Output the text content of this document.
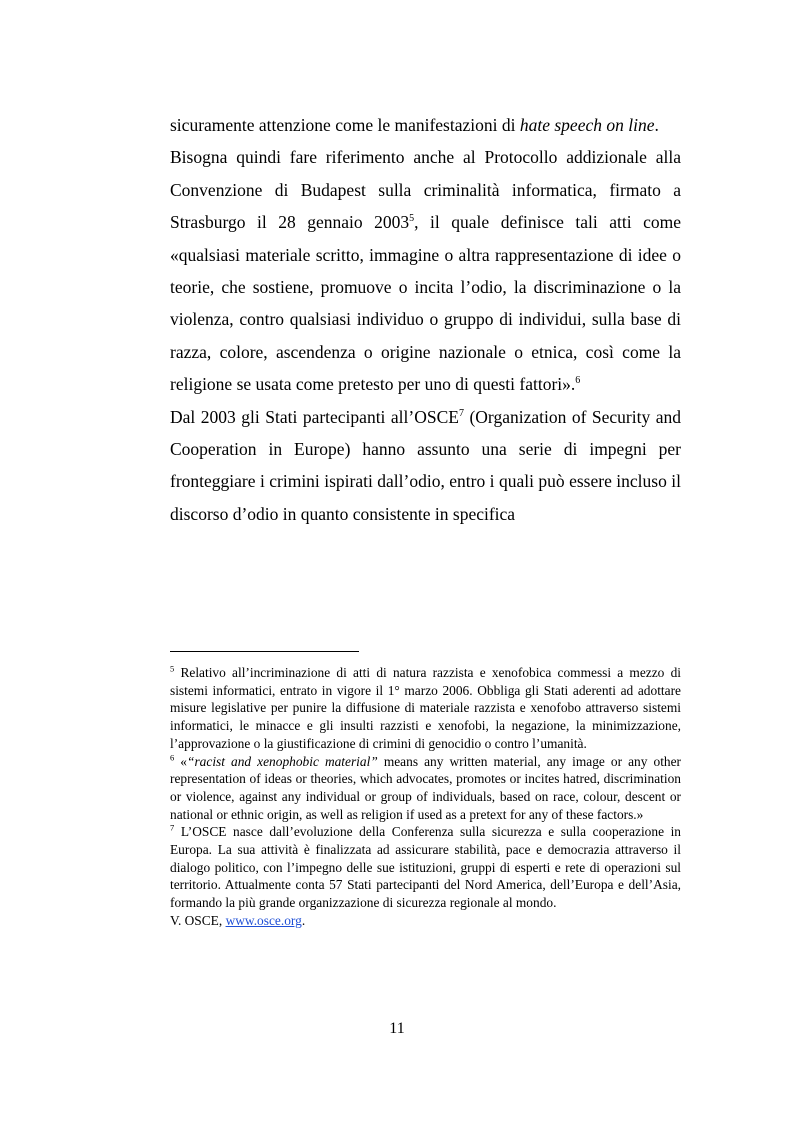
sicuramente attenzione come le manifestazioni di hate speech on line.

Bisogna quindi fare riferimento anche al Protocollo addizionale alla Convenzione di Budapest sulla criminalità informatica, firmato a Strasburgo il 28 gennaio 2003$^5$, il quale definisce tali atti come «qualsiasi materiale scritto, immagine o altra rappresentazione di idee o teorie, che sostiene, promuove o incita l’odio, la discriminazione o la violenza, contro qualsiasi individuo o gruppo di individui, sulla base di razza, colore, ascendenza o origine nazionale o etnica, così come la religione se usata come pretesto per uno di questi fattori».$^6$

Dal 2003 gli Stati partecipanti all’OSCE$^7$ (Organization of Security and Cooperation in Europe) hanno assunto una serie di impegni per fronteggiare i crimini ispirati dall’odio, entro i quali può essere incluso il discorso d’odio in quanto consistente in specifica

$^5$ Relativo all’incriminazione di atti di natura razzista e xenofobica commessi a mezzo di sistemi informatici, entrato in vigore il 1° marzo 2006. Obbliga gli Stati aderenti ad adottare misure legislative per punire la diffusione di materiale razzista e xenofobo attraverso sistemi informatici, le minacce e gli insulti razzisti e xenofobi, la negazione, la minimizzazione, l’approvazione o la giustificazione di crimini di genocidio o contro l’umanità.

$^6$ «“racist and xenophobic material” means any written material, any image or any other representation of ideas or theories, which advocates, promotes or incites hatred, discrimination or violence, against any individual or group of individuals, based on race, colour, descent or national or ethnic origin, as well as religion if used as a pretext for any of these factors.»

$^7$ L’OSCE nasce dall’evoluzione della Conferenza sulla sicurezza e sulla cooperazione in Europa. La sua attività è finalizzata ad assicurare stabilità, pace e democrazia attraverso il dialogo politico, con l’impegno delle sue istituzioni, gruppi di esperti e rete di operazioni sul territorio. Attualmente conta 57 Stati partecipanti del Nord America, dell’Europa e dell’Asia, formando la più grande organizzazione di sicurezza regionale al mondo.

V. OSCE, www.osce.org.

11
